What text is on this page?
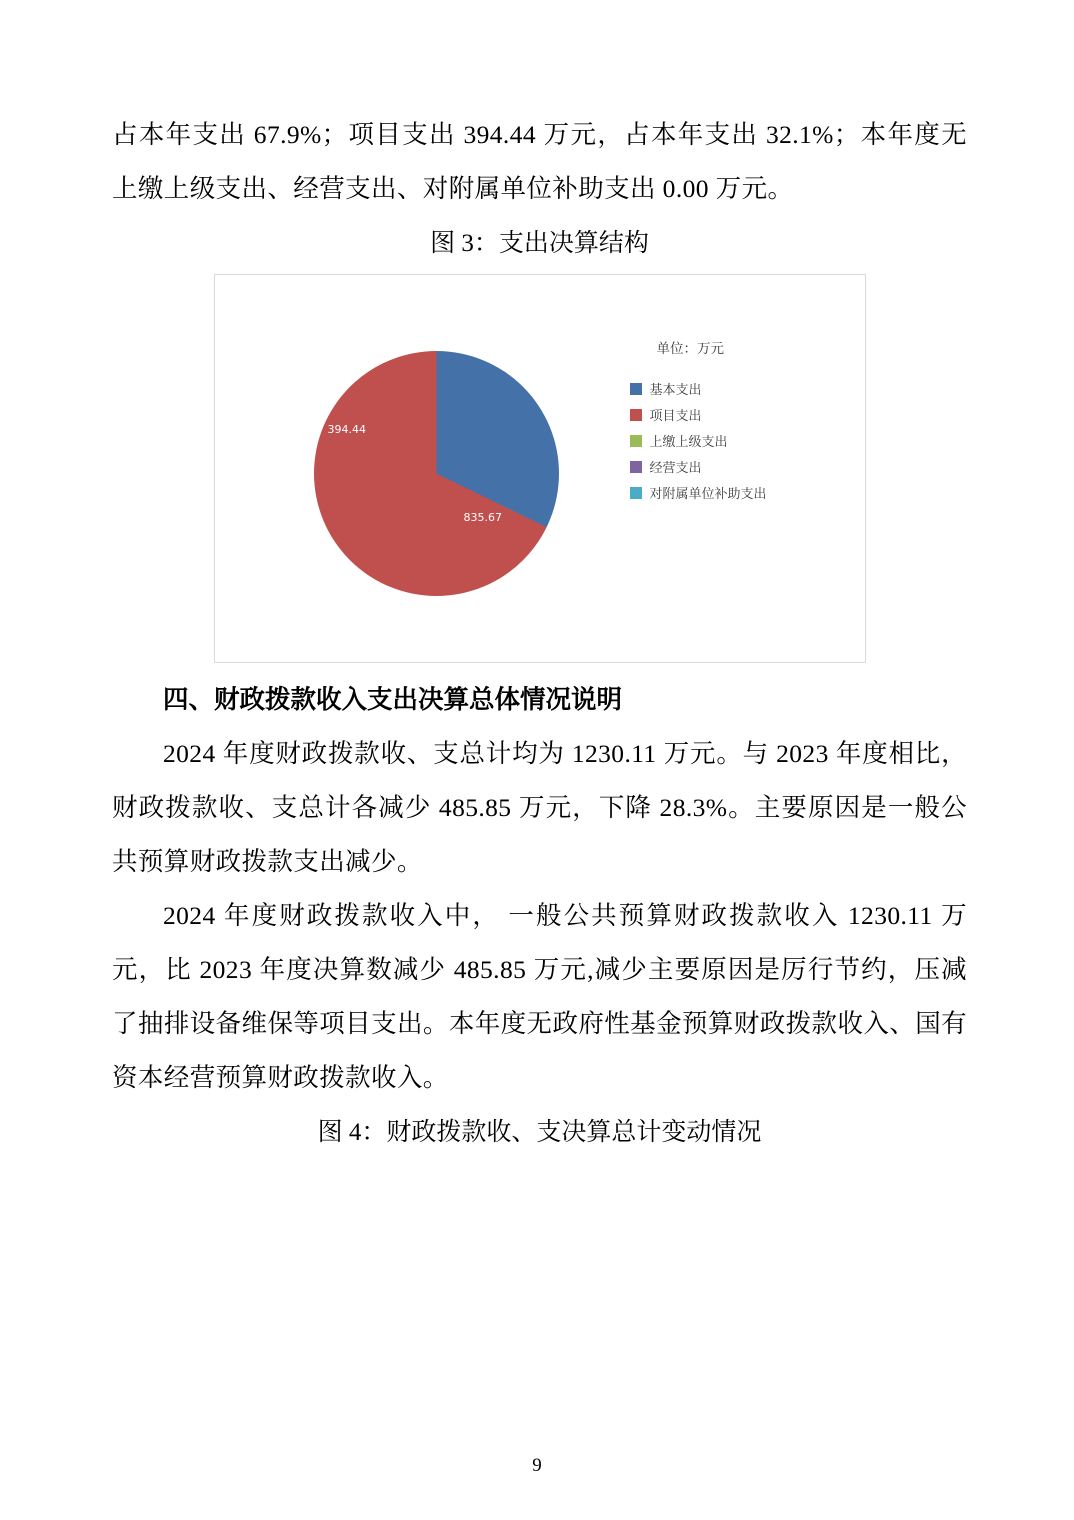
占本年支出 67.9%；项目支出 394.44 万元，占本年支出 32.1%；本年度无上缴上级支出、经营支出、对附属单位补助支出 0.00 万元。

图 3：支出决算结构
835.67
394.44
单位：万元
基本支出
项目支出
上缴上级支出
经营支出
对附属单位补助支出
四、财政拨款收入支出决算总体情况说明

2024 年度财政拨款收、支总计均为 1230.11 万元。与 2023 年度相比，财政拨款收、支总计各减少 485.85 万元，下降 28.3%。主要原因是一般公共预算财政拨款支出减少。

2024 年度财政拨款收入中， 一般公共预算财政拨款收入 1230.11 万元，比 2023 年度决算数减少 485.85 万元,减少主要原因是厉行节约，压减了抽排设备维保等项目支出。本年度无政府性基金预算财政拨款收入、国有资本经营预算财政拨款收入。

图 4：财政拨款收、支决算总计变动情况
9
